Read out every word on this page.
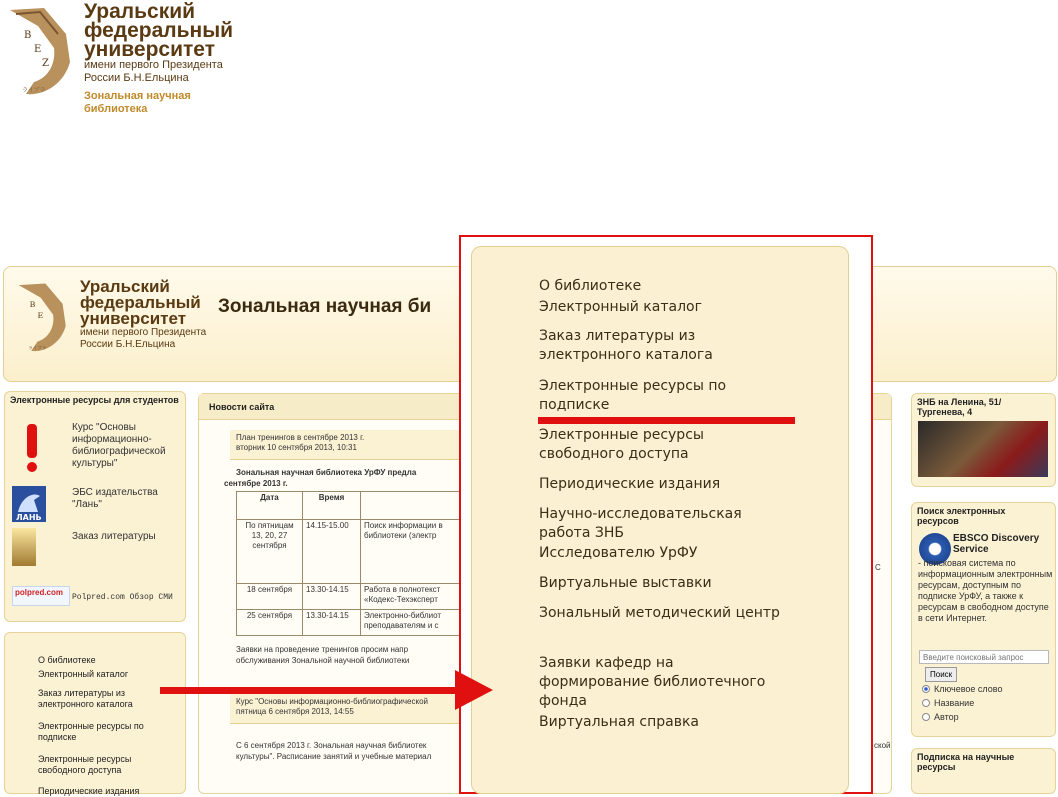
B
E
Z
ライブラ
Уральский
федеральный
университет
имени первого Президента
России Б.Н.Ельцина
Зональная научная
библиотека
B
E
ライブラ
Уральский
федеральный
университет
имени первого Президента
России Б.Н.Ельцина
Зональная научная би
Электронные ресурсы для студентов
Курс "Основы информационно-библиографической культуры"
ЛАНЬ
ЭБС издательства "Лань"
Заказ литературы
polpred.com
Polpred.com Обзор СМИ
О библиотеке
Электронный каталог
Заказ литературы из электронного каталога
Электронные ресурсы по подписке
Электронные ресурсы свободного доступа
Периодические издания
Новости сайта
План тренингов в сентябре 2013 г.
вторник 10 сентября 2013, 10:31
Зональная научная библиотека УрФУ предла
сентябре 2013 г.
Дата	Время	
По пятницам 13, 20, 27 сентября	14.15-15.00	Поиск информации в библиотеки (электр
18 сентября	13.30-14.15	Работа в полнотекст «Кодекс-Техэксперт
25 сентября	13.30-14.15	Электронно-библиот преподавателям и с
Заявки на проведение тренингов просим напр
обслуживания Зональной научной библиотеки
Курс "Основы информационно-библиографической
пятница 6 сентября 2013, 14:55
С 6 сентября 2013 г. Зональная научная библиотек
культуры". Расписание занятий и учебные материал
С
ской
ЗНБ на Ленина, 51/Тургенева, 4
Поиск электронных ресурсов
EBSCO Discovery Service
- поисковая система по информационным электронным ресурсам, доступным по подписке УрФУ, а также к ресурсам в свободном доступе в сети Интернет.
Введите поисковый запрос
Поиск
Ключевое слово
Название
Автор
Подписка на научные ресурсы
О библиотеке
Электронный каталог
Заказ литературы из
электронного каталога
Электронные ресурсы по
подписке
Электронные ресурсы
свободного доступа
Периодические издания
Научно-исследовательская
работа ЗНБ
Исследователю УрФУ
Виртуальные выставки
Зональный методический центр
Заявки кафедр на
формирование библиотечного
фонда
Виртуальная справка
